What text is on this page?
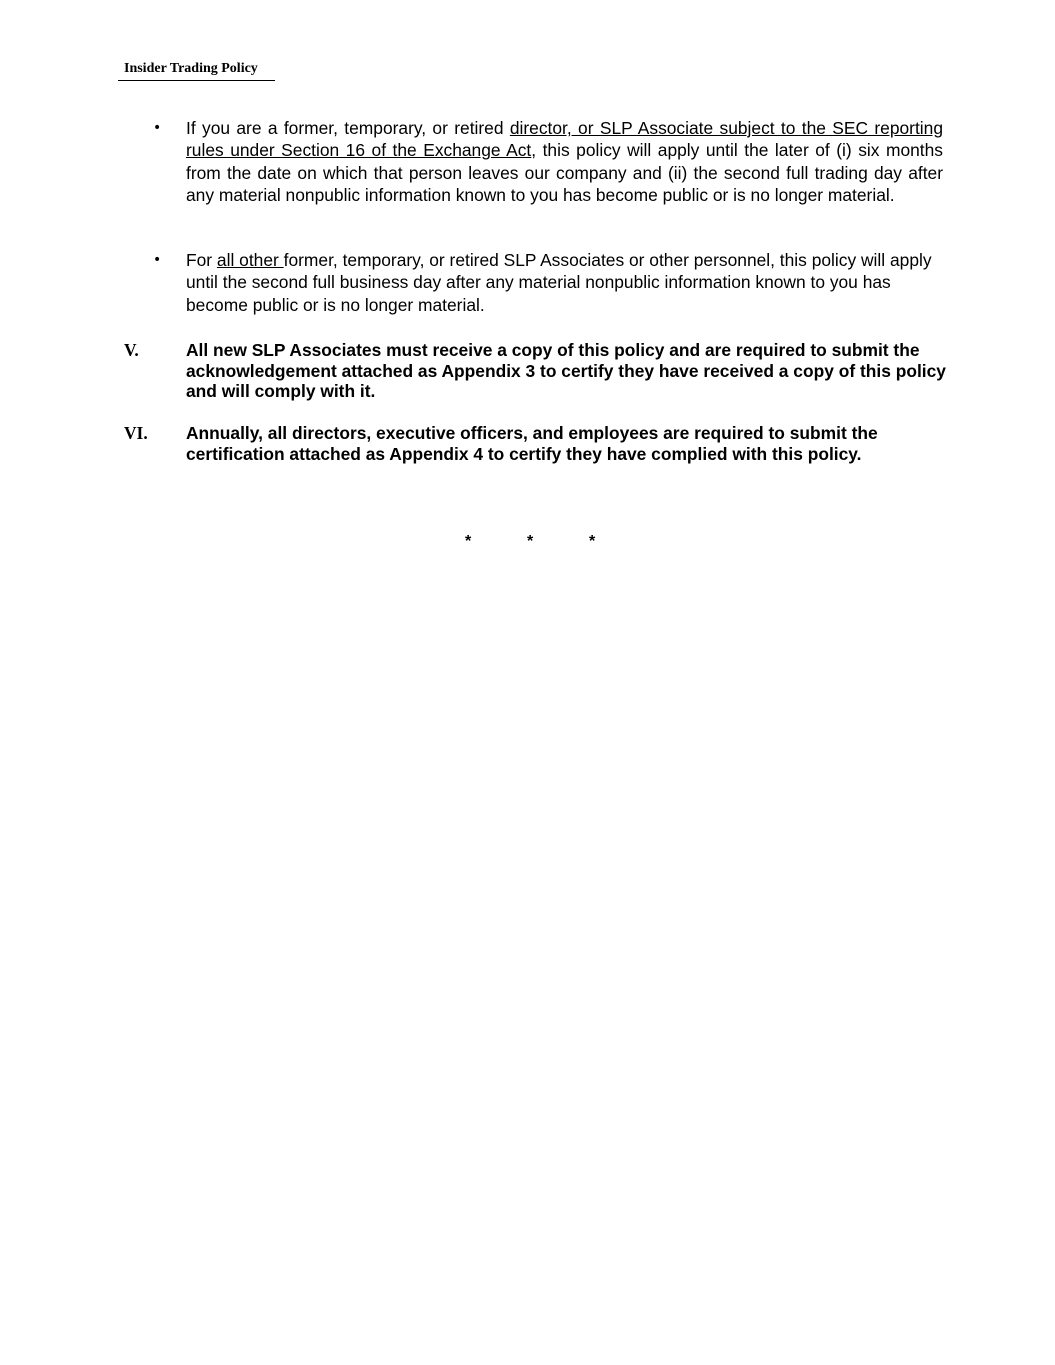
Insider Trading Policy
• If you are a former, temporary, or retired director, or SLP Associate subject to the SEC reporting rules under Section 16 of the Exchange Act, this policy will apply until the later of (i) six months from the date on which that person leaves our company and (ii) the second full trading day after any material nonpublic information known to you has become public or is no longer material.
• For all other former, temporary, or retired SLP Associates or other personnel, this policy will apply until the second full business day after any material nonpublic information known to you has become public or is no longer material.
V.	All new SLP Associates must receive a copy of this policy and are required to submit the acknowledgement attached as Appendix 3 to certify they have received a copy of this policy and will comply with it.
VI. Annually, all directors, executive officers, and employees are required to submit the certification attached as Appendix 4 to certify they have complied with this policy.
*	*	*
